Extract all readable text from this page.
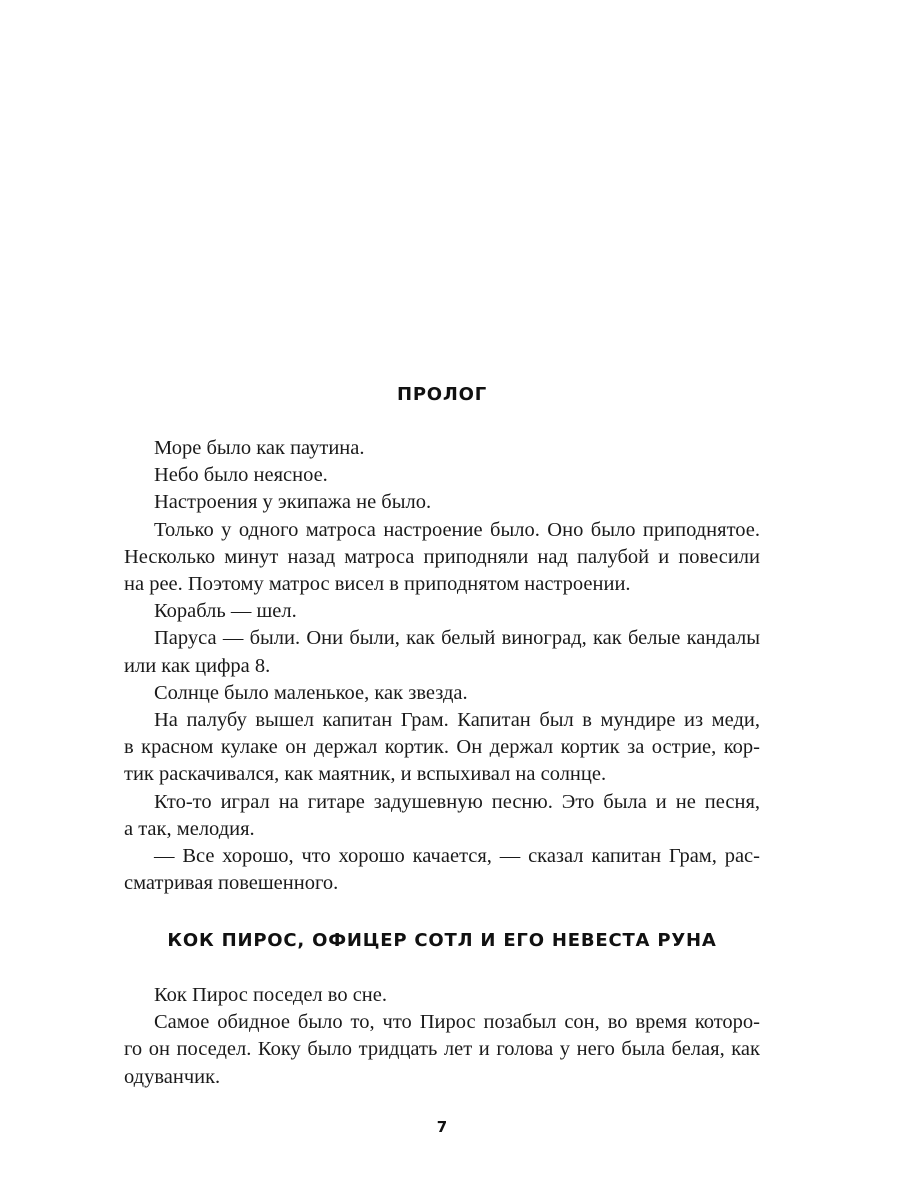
ПРОЛОГ

Море было как паутина.

Небо было неясное.

Настроения у экипажа не было.

Только у одного матроса настроение было. Оно было приподнятое.
Несколько минут назад матроса приподняли над палубой и повесили
на рее. Поэтому матрос висел в приподнятом настроении.

Корабль — шел.

Паруса — были. Они были, как белый виноград, как белые кандалы
или как цифра 8.

Солнце было маленькое, как звезда.

На палубу вышел капитан Грам. Капитан был в мундире из меди,
в красном кулаке он держал кортик. Он держал кортик за острие, кор-
тик раскачивался, как маятник, и вспыхивал на солнце.

Кто-то играл на гитаре задушевную песню. Это была и не песня,
а так, мелодия.

— Все хорошо, что хорошо качается, — сказал капитан Грам, рас-
сматривая повешенного.

КОК ПИРОС, ОФИЦЕР СОТЛ И ЕГО НЕВЕСТА РУНА

Кок Пирос поседел во сне.

Самое обидное было то, что Пирос позабыл сон, во время которо-
го он поседел. Коку было тридцать лет и голова у него была белая, как
одуванчик.

7
